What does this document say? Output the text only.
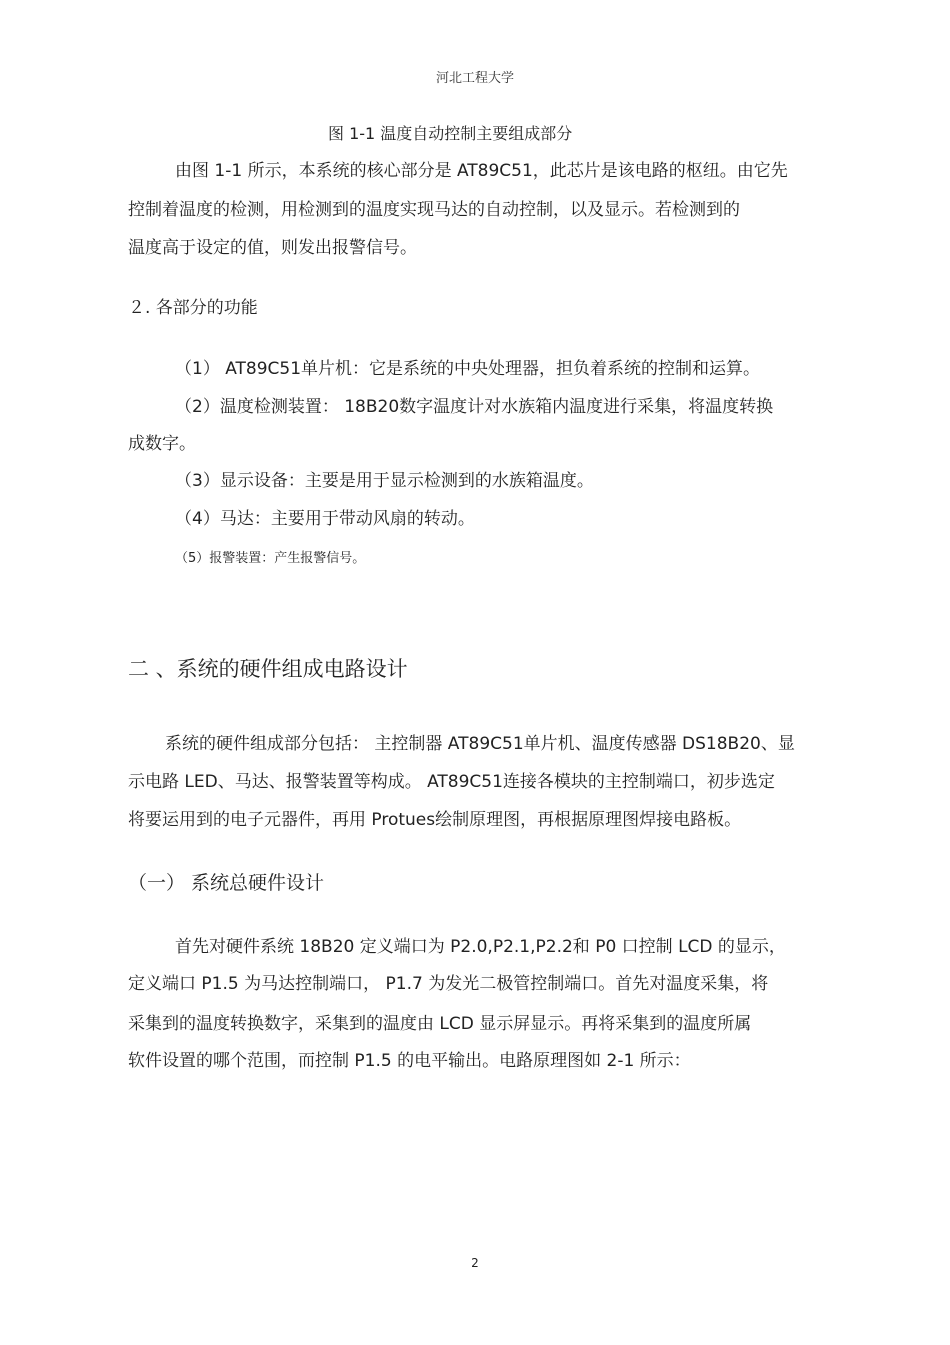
河北工程大学
图 1-1 温度自动控制主要组成部分
由图 1-1 所示，本系统的核心部分是 AT89C51，此芯片是该电路的枢纽。由它先
控制着温度的检测，用检测到的温度实现马达的自动控制，以及显示。若检测到的
温度高于设定的值，则发出报警信号。
２. 各部分的功能
（1） AT89C51单片机：它是系统的中央处理器，担负着系统的控制和运算。
（2）温度检测装置： 18B20数字温度计对水族箱内温度进行采集，将温度转换
成数字。
（3）显示设备：主要是用于显示检测到的水族箱温度。
（4）马达：主要用于带动风扇的转动。
（5）报警装置：产生报警信号。
二 、系统的硬件组成电路设计
系统的硬件组成部分包括： 主控制器 AT89C51单片机、温度传感器 DS18B20、显
示电路 LED、马达、报警装置等构成。 AT89C51连接各模块的主控制端口，初步选定
将要运用到的电子元器件，再用 Protues绘制原理图，再根据原理图焊接电路板。
（一） 系统总硬件设计
首先对硬件系统 18B20 定义端口为 P2.0,P2.1,P2.2和 P0 口控制 LCD 的显示，
定义端口 P1.5 为马达控制端口， P1.7 为发光二极管控制端口。首先对温度采集，将
采集到的温度转换数字，采集到的温度由 LCD 显示屏显示。再将采集到的温度所属
软件设置的哪个范围，而控制 P1.5 的电平输出。电路原理图如 2-1 所示：
2
